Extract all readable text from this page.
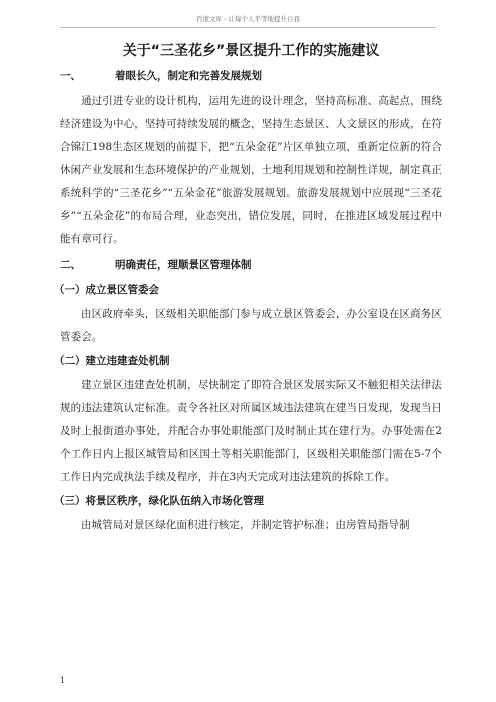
百度文库 - 让每个人平等地提升自我
关于“三圣花乡”景区提升工作的实施建议
一、	着眼长久，制定和完善发展规划

通过引进专业的设计机构，运用先进的设计理念，坚持高标准、高起点，围绕经济建设为中心，坚持可持续发展的概念，坚持生态景区、人文景区的形成，在符合锦江198生态区规划的前提下，把“五朵金花”片区单独立项，重新定位新的符合休闲产业发展和生态环境保护的产业规划，土地利用规划和控制性详规，制定真正系统科学的“三圣花乡”“五朵金花”旅游发展规划。旅游发展规划中应展现“三圣花乡”“五朵金花”的布局合理，业态突出，错位发展，同时，在推进区域发展过程中能有章可行。

二、	明确责任，理顺景区管理体制
（一）成立景区管委会

由区政府牵头，区级相关职能部门参与成立景区管委会，办公室设在区商务区管委会。

（二）建立违建查处机制

建立景区违建查处机制，尽快制定了即符合景区发展实际又不触犯相关法律法规的违法建筑认定标准。责令各社区对所属区域违法建筑在建当日发现，发现当日及时上报街道办事处，并配合办事处职能部门及时制止其在建行为。办事处需在2个工作日内上报区城管局和区国土等相关职能部门，区级相关职能部门需在5-7个工作日内完成执法手续及程序，并在3内天完成对违法建筑的拆除工作。

（三）将景区秩序，绿化队伍纳入市场化管理

由城管局对景区绿化面积进行核定，并制定管护标准；由房管局指导制

1
